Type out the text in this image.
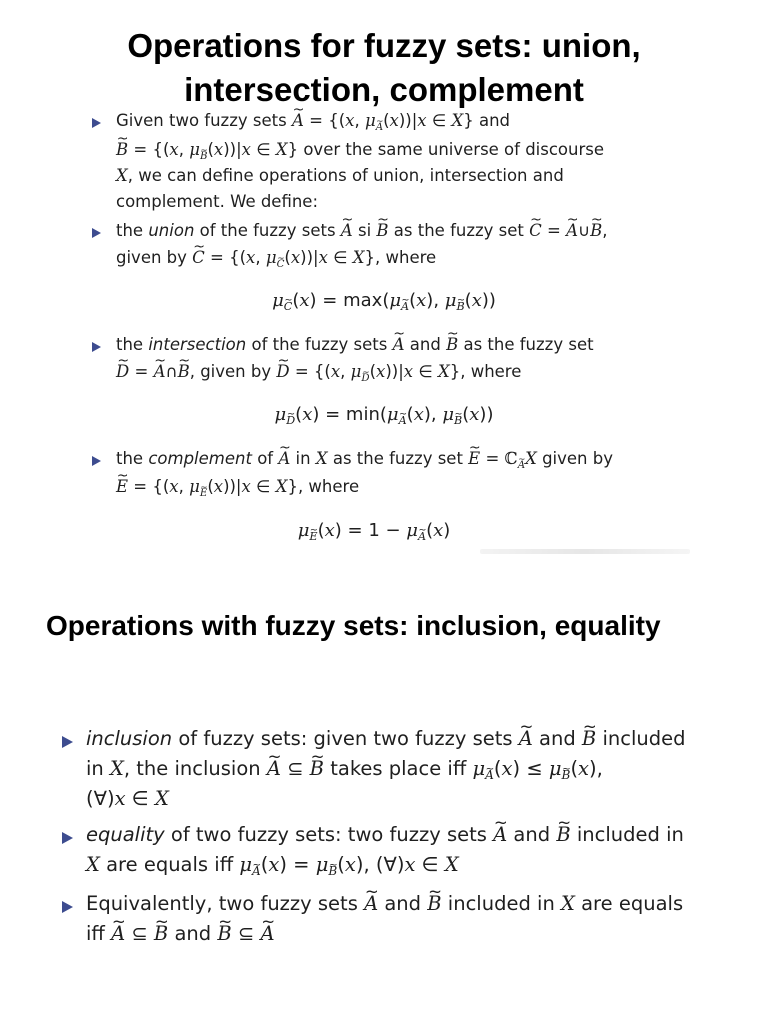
Operations for fuzzy sets: union,
intersection, complement
Given two fuzzy sets ~ A = {(x, $\mu_A(x))|x$ ∈ X} and
~ B = {(x, $\mu_B(x))|x$ ∈ X} over the same universe of discourse
X, we can define operations of union, intersection and
complement. We define:
the union of the fuzzy sets ~ A si ~ B as the fuzzy set ~ C = ~ A∪~ B,
given by ~ C = {(x, $\mu_C(x))|x$ ∈ X}, where
$\mu_C(x) = \max(\mu_A(x)$, $\mu_B(x)$)
the intersection of the fuzzy sets ~ A and ~ B as the fuzzy set
~ D = ~ A∩~ B, given by ~ D = {(x, $\mu_D(x))|x$ ∈ X}, where
$\mu_D(x) = \min(\mu_A(x)$, $\mu_B(x)$)
the complement of ~ A in X as the fuzzy set ~ E = ℂ$_A$X given by
~ E = {(x, $\mu_E(x))|x$ ∈ X}, where
$\mu_E(x) = 1 - \mu_A(x)$
Operations with fuzzy sets: inclusion, equality
inclusion of fuzzy sets: given two fuzzy sets ~ A and ~ B included
in X, the inclusion ~ A ⊆ ~ B takes place iff $\mu_A(x) \le \mu_B(x)$,
(∀)x ∈ X
equality of two fuzzy sets: two fuzzy sets ~ A and ~ B included in
X are equals iff $\mu_A(x) = \mu_B(x)$, (∀)x ∈ X
Equivalently, two fuzzy sets ~ A and ~ B included in X are equals
iff ~ A ⊆ ~ B and ~ B ⊆ ~ A
